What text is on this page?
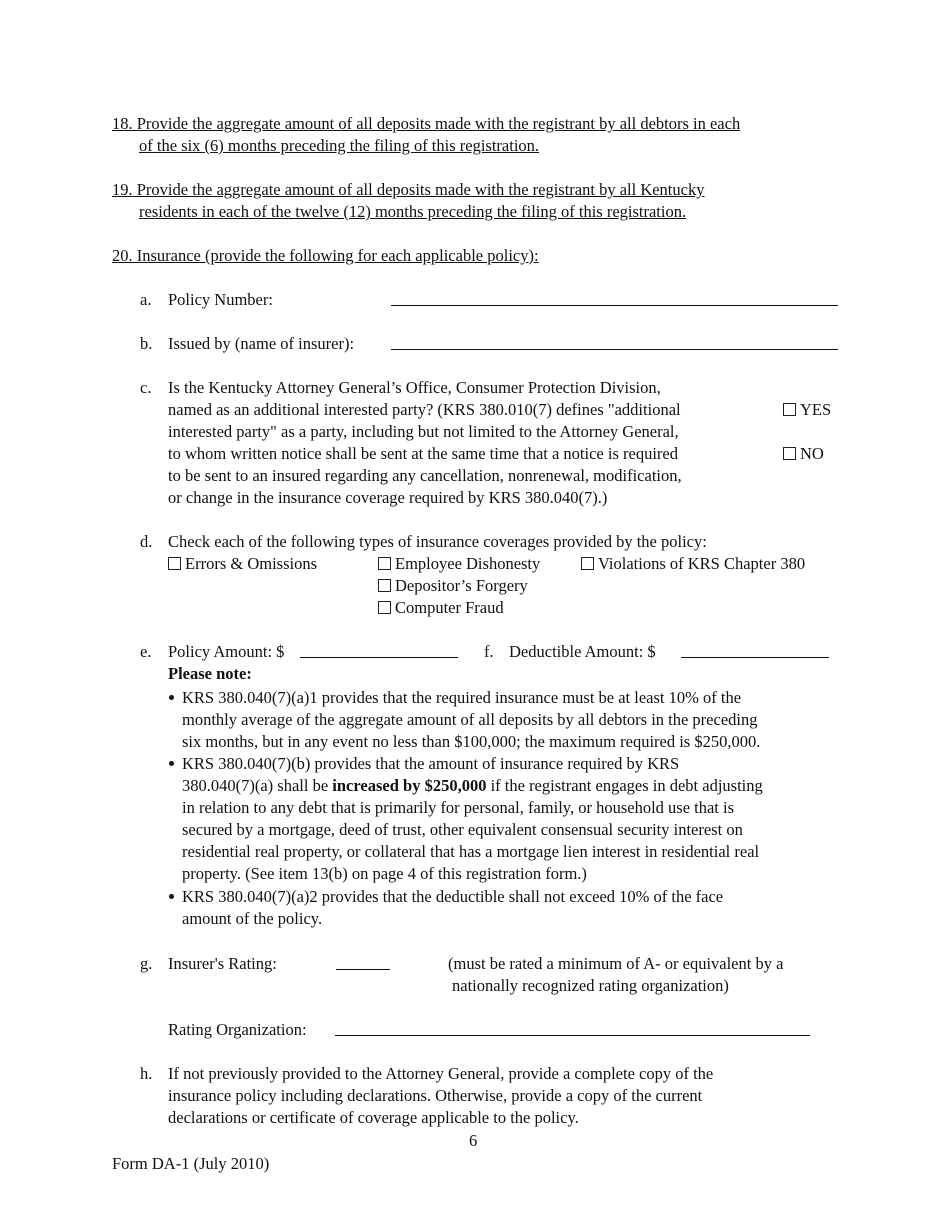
18. Provide the aggregate amount of all deposits made with the registrant by all debtors in each
of the six (6) months preceding the filing of this registration.
19. Provide the aggregate amount of all deposits made with the registrant by all Kentucky
residents in each of the twelve (12) months preceding the filing of this registration.
20. Insurance (provide the following for each applicable policy):
a. Policy Number:
b. Issued by (name of insurer):
c. Is the Kentucky Attorney General’s Office, Consumer Protection Division,
named as an additional interested party? (KRS 380.010(7) defines "additional
interested party" as a party, including but not limited to the Attorney General,
to whom written notice shall be sent at the same time that a notice is required
to be sent to an insured regarding any cancellation, nonrenewal, modification,
or change in the insurance coverage required by KRS 380.040(7).)
YES
NO
d. Check each of the following types of insurance coverages provided by the policy:
Errors & Omissions	Employee Dishonesty	Violations of KRS Chapter 380
Depositor’s Forgery
Computer Fraud
e. Policy Amount: $	f. Deductible Amount: $
Please note:
KRS 380.040(7)(a)1 provides that the required insurance must be at least 10% of the
monthly average of the aggregate amount of all deposits by all debtors in the preceding
six months, but in any event no less than $100,000; the maximum required is $250,000.
KRS 380.040(7)(b) provides that the amount of insurance required by KRS
380.040(7)(a) shall be increased by $250,000 if the registrant engages in debt adjusting
in relation to any debt that is primarily for personal, family, or household use that is
secured by a mortgage, deed of trust, other equivalent consensual security interest on
residential real property, or collateral that has a mortgage lien interest in residential real
property. (See item 13(b) on page 4 of this registration form.)
KRS 380.040(7)(a)2 provides that the deductible shall not exceed 10% of the face
amount of the policy.
g. Insurer's Rating:	(must be rated a minimum of A- or equivalent by a
nationally recognized rating organization)
Rating Organization:
h. If not previously provided to the Attorney General, provide a complete copy of the
insurance policy including declarations. Otherwise, provide a copy of the current
declarations or certificate of coverage applicable to the policy.
6
Form DA-1 (July 2010)
